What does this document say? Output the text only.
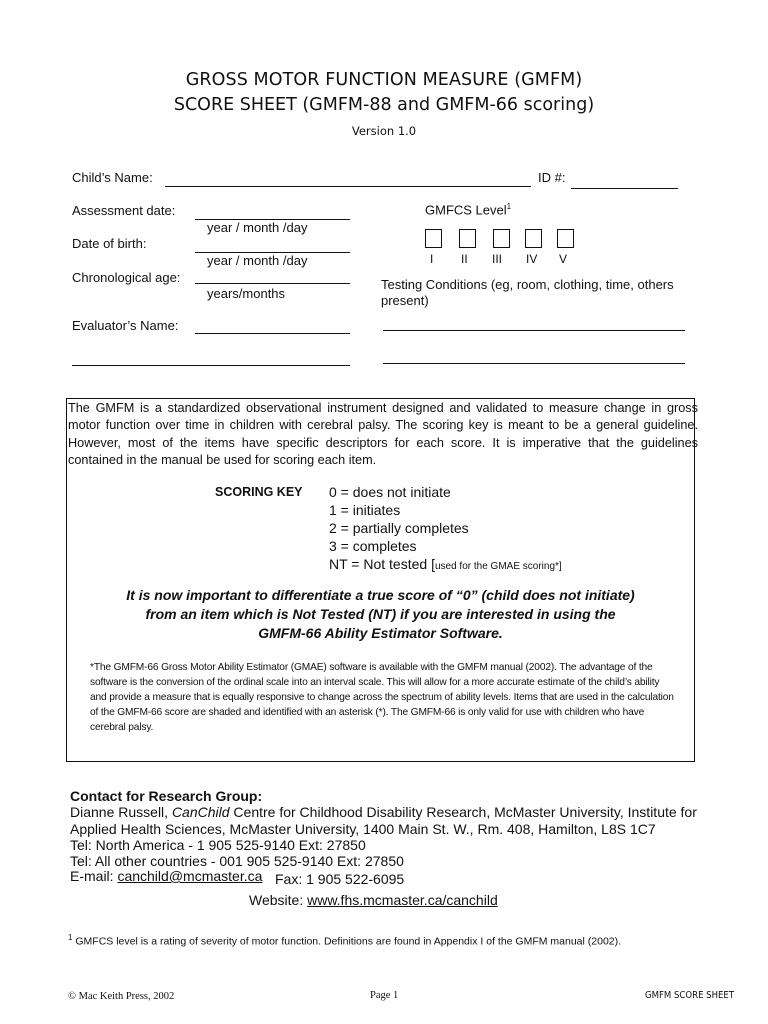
GROSS MOTOR FUNCTION MEASURE (GMFM)
SCORE SHEET (GMFM-88 and GMFM-66 scoring)
Version 1.0
Child’s Name:	ID #:
Assessment date:
year / month /day
Date of birth:
year / month /day
Chronological age:
years/months
Evaluator’s Name:
GMFCS Level$^1$
I II III IV V
Testing Conditions (eg, room, clothing, time, others present)
The GMFM is a standardized observational instrument designed and validated to measure change in gross motor function over time in children with cerebral palsy. The scoring key is meant to be a general guideline. However, most of the items have specific descriptors for each score. It is imperative that the guidelines contained in the manual be used for scoring each item.
SCORING KEY 0 = does not initiate
1 = initiates
2 = partially completes
3 = completes
NT = Not tested [used for the GMAE scoring*]
It is now important to differentiate a true score of “0” (child does not initiate)
from an item which is Not Tested (NT) if you are interested in using the
GMFM-66 Ability Estimator Software.
*The GMFM-66 Gross Motor Ability Estimator (GMAE) software is available with the GMFM manual (2002). The advantage of the software is the conversion of the ordinal scale into an interval scale. This will allow for a more accurate estimate of the child’s ability and provide a measure that is equally responsive to change across the spectrum of ability levels. Items that are used in the calculation of the GMFM-66 score are shaded and identified with an asterisk (*). The GMFM-66 is only valid for use with children who have cerebral palsy.
Contact for Research Group:
Dianne Russell, CanChild Centre for Childhood Disability Research, McMaster University, Institute for
Applied Health Sciences, McMaster University, 1400 Main St. W., Rm. 408, Hamilton, L8S 1C7
Tel: North America - 1 905 525-9140 Ext: 27850
Tel: All other countries - 001 905 525-9140 Ext: 27850
E-mail: canchild@mcmaster.ca Fax: 1 905 522-6095
Website: www.fhs.mcmaster.ca/canchild
$^1$ GMFCS level is a rating of severity of motor function. Definitions are found in Appendix I of the GMFM manual (2002).
© Mac Keith Press, 2002	Page 1	GMFM SCORE SHEET
